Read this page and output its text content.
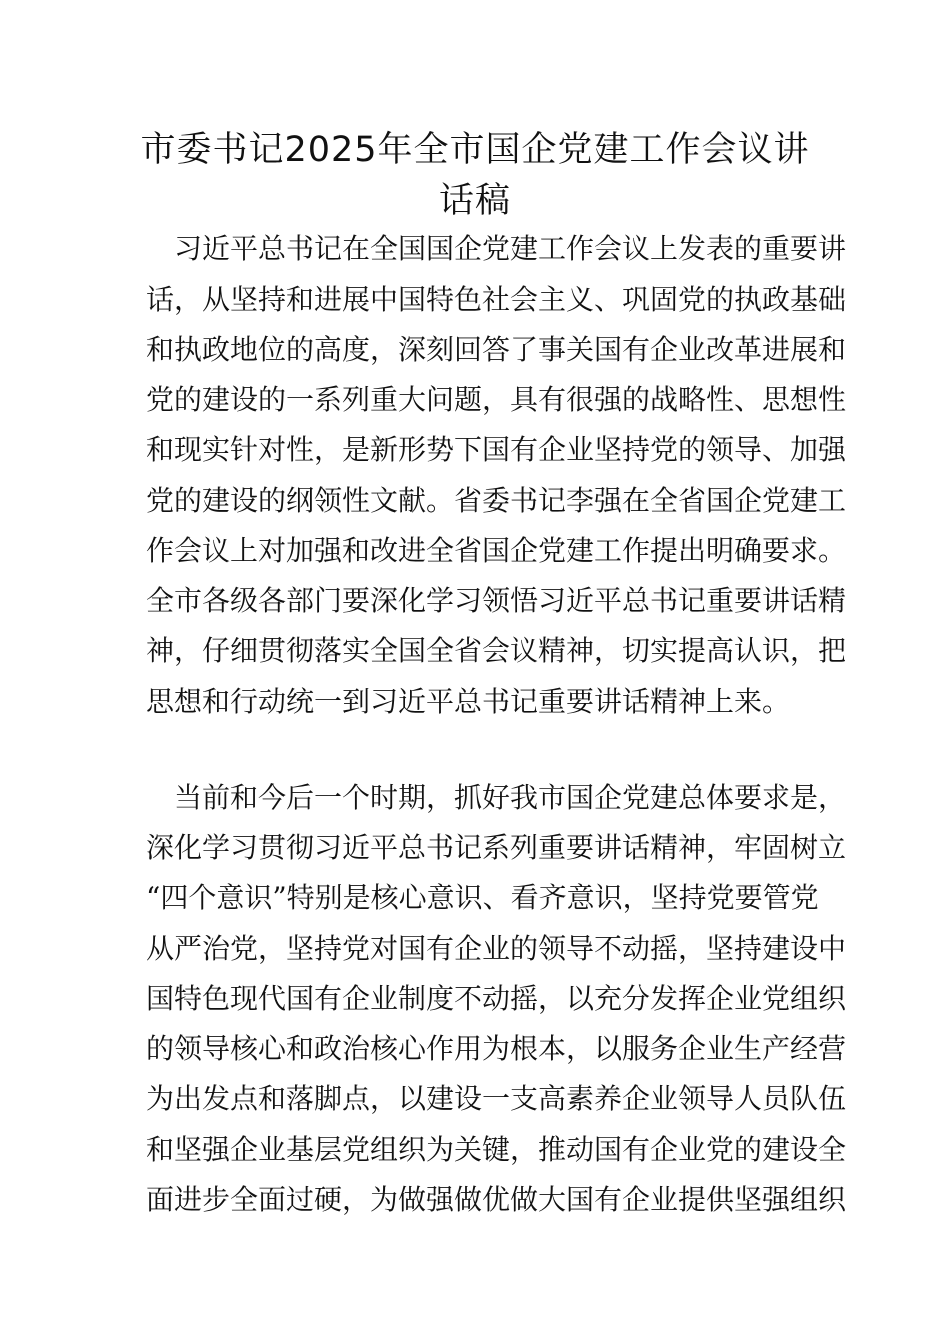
市委书记2025年全市国企党建工作会议讲
话稿

　习近平总书记在全国国企党建工作会议上发表的重要讲

话，从坚持和进展中国特色社会主义、巩固党的执政基础

和执政地位的高度，深刻回答了事关国有企业改革进展和

党的建设的一系列重大问题，具有很强的战略性、思想性

和现实针对性，是新形势下国有企业坚持党的领导、加强

党的建设的纲领性文献。省委书记李强在全省国企党建工

作会议上对加强和改进全省国企党建工作提出明确要求。

全市各级各部门要深化学习领悟习近平总书记重要讲话精

神，仔细贯彻落实全国全省会议精神，切实提高认识，把

思想和行动统一到习近平总书记重要讲话精神上来。

　当前和今后一个时期，抓好我市国企党建总体要求是，

深化学习贯彻习近平总书记系列重要讲话精神，牢固树立

“四个意识”特别是核心意识、看齐意识，坚持党要管党

从严治党，坚持党对国有企业的领导不动摇，坚持建设中

国特色现代国有企业制度不动摇，以充分发挥企业党组织

的领导核心和政治核心作用为根本，以服务企业生产经营

为出发点和落脚点，以建设一支高素养企业领导人员队伍

和坚强企业基层党组织为关键，推动国有企业党的建设全

面进步全面过硬，为做强做优做大国有企业提供坚强组织
